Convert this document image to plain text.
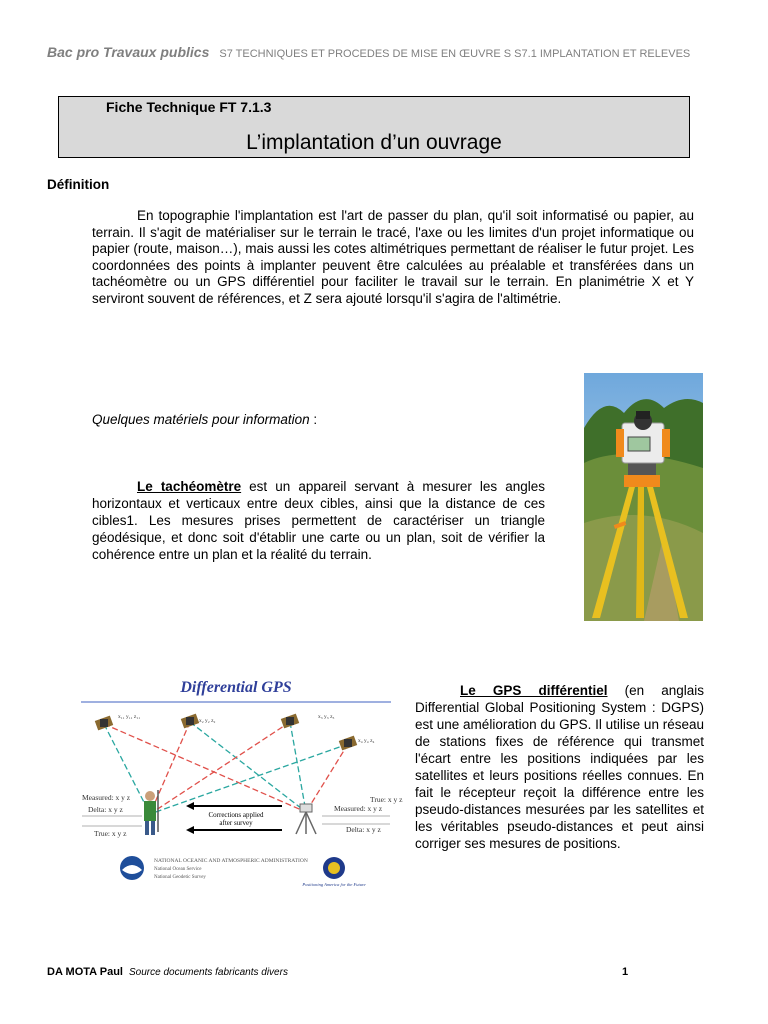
Bac pro Travaux publics S7 TECHNIQUES ET PROCEDES DE MISE EN ŒUVRE S S7.1 IMPLANTATION ET RELEVES
Fiche Technique FT 7.1.3
L’implantation d’un ouvrage
Définition
En topographie l'implantation est l'art de passer du plan, qu'il soit informatisé ou papier, au terrain. Il s'agit de matérialiser sur le terrain le tracé, l'axe ou les limites d'un projet informatique ou papier (route, maison…), mais aussi les cotes altimétriques permettant de réaliser le futur projet. Les coordonnées des points à implanter peuvent être calculées au préalable et transférées dans un tachéomètre ou un GPS différentiel pour faciliter le travail sur le terrain. En planimétrie X et Y serviront souvent de références, et Z sera ajouté lorsqu'il s'agira de l'altimétrie.
Quelques matériels pour information :
Le tachéomètre est un appareil servant à mesurer les angles horizontaux et verticaux entre deux cibles, ainsi que la distance de ces cibles1. Les mesures prises permettent de caractériser un triangle géodésique, et donc soit d'établir une carte ou un plan, soit de vérifier la cohérence entre un plan et la réalité du terrain.
Differential GPS
x₁₁ y₁₁ z₁₁
x₂ y₂ z₂
x₃ y₃ z₃
x₄ y₄ z₄
Measured: x y z
Delta: x y z
True: x y z
True: x y z
Measured: x y z
Delta: x y z
Corrections applied
after survey
NATIONAL OCEANIC AND ATMOSPHERIC ADMINISTRATION
National Ocean Service
National Geodetic Survey
Positioning America for the Future
Le GPS différentiel (en anglais Differential Global Positioning System : DGPS) est une amélioration du GPS. Il utilise un réseau de stations fixes de référence qui transmet l'écart entre les positions indiquées par les satellites et leurs positions réelles connues. En fait le récepteur reçoit la différence entre les pseudo-distances mesurées par les satellites et les véritables pseudo-distances et peut ainsi corriger ses mesures de positions.
DA MOTA Paul Source documents fabricants divers	1
